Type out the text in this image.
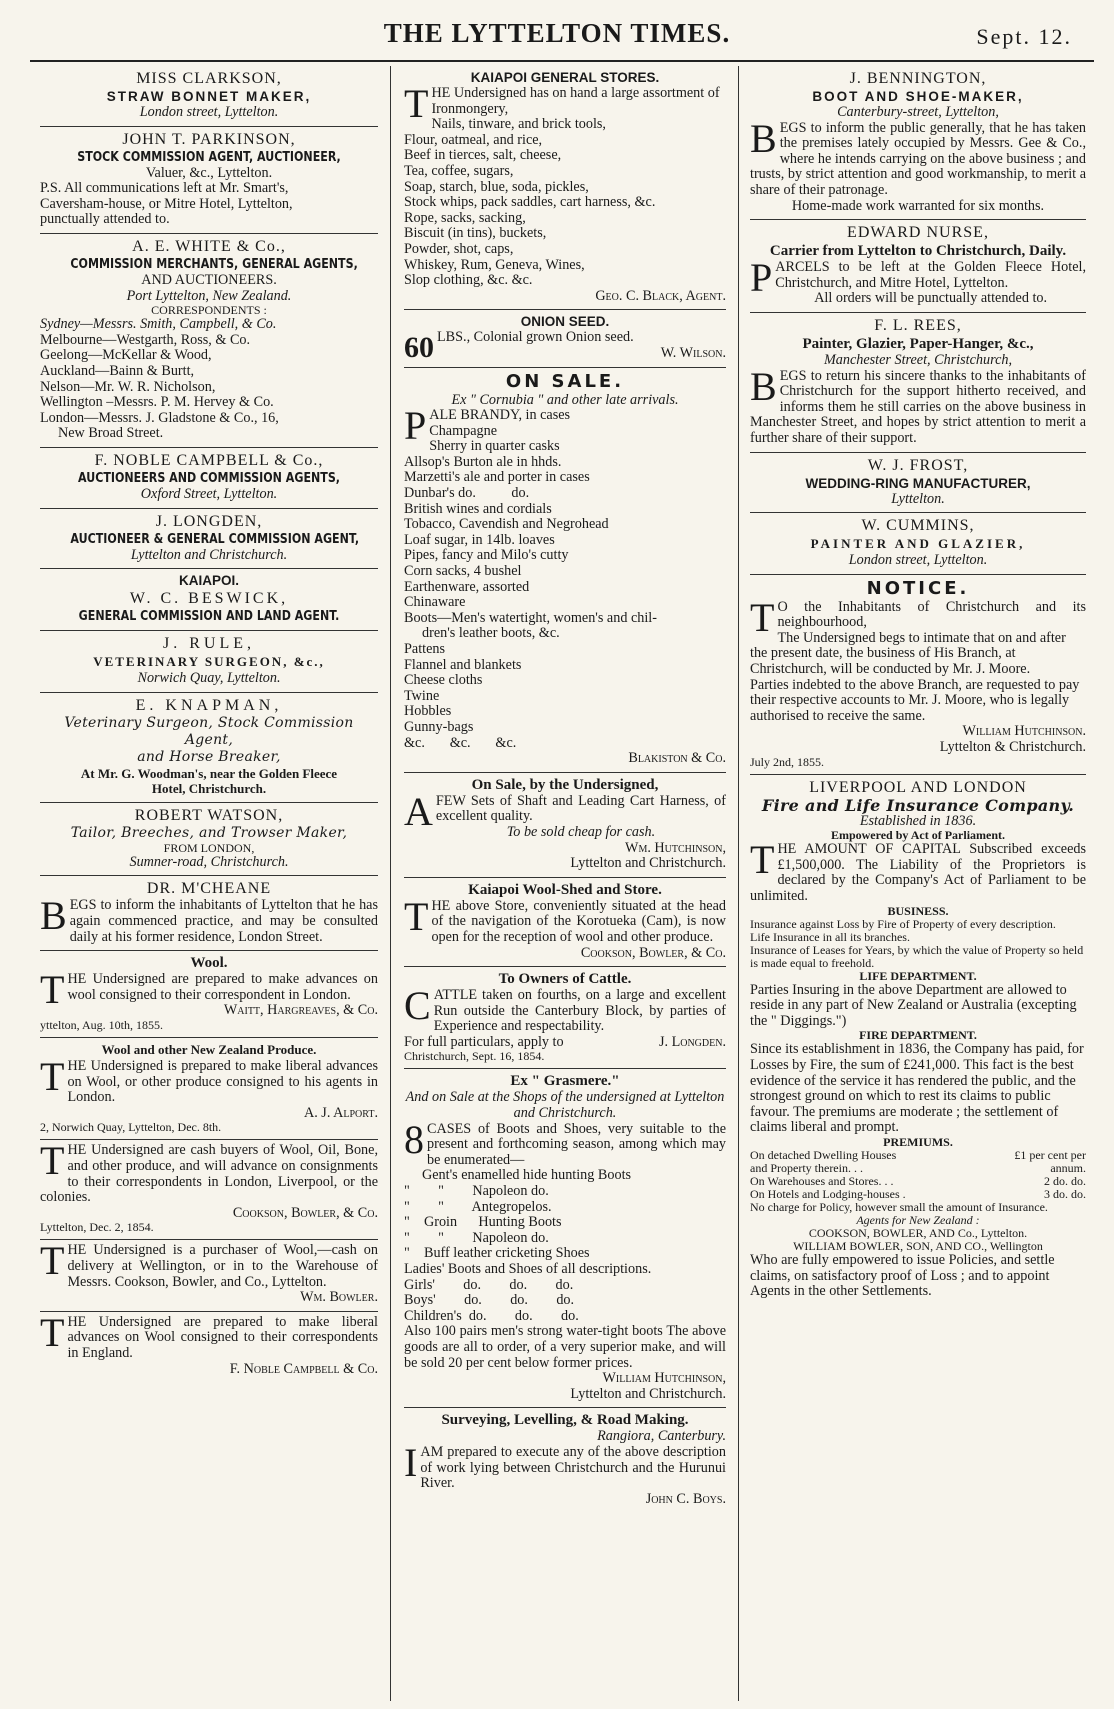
THE LYTTELTON TIMES.	Sept. 12.
MISS CLARKSON,
STRAW BONNET MAKER,

London street, Lyttelton.

JOHN T. PARKINSON,
STOCK COMMISSION AGENT, AUCTIONEER,

Valuer, &c., Lyttelton.
P.S. All communications left at Mr. Smart's,
Caversham-house, or Mitre Hotel, Lyttelton,
punctually attended to.

A. E. WHITE & Co.,
COMMISSION MERCHANTS, GENERAL AGENTS,

AND AUCTIONEERS.
Port Lyttelton, New Zealand.
CORRESPONDENTS :
Sydney—Messrs. Smith, Campbell, & Co.
Melbourne—Westgarth, Ross, & Co.
Geelong—McKellar & Wood,
Auckland—Bainn & Burtt,
Nelson—Mr. W. R. Nicholson,
Wellington –Messrs. P. M. Hervey & Co.
London—Messrs. J. Gladstone & Co., 16,
New Broad Street.

F. NOBLE CAMPBELL & Co.,
AUCTIONEERS AND COMMISSION AGENTS,

Oxford Street, Lyttelton.

J. LONGDEN,
AUCTIONEER & GENERAL COMMISSION AGENT,

Lyttelton and Christchurch.

KAIAPOI.
W. C. BESWICK,
GENERAL COMMISSION AND LAND AGENT.
J. RULE,
VETERINARY SURGEON, &c.,

Norwich Quay, Lyttelton.

E. KNAPMAN,
Veterinary Surgeon, Stock Commission Agent,
and Horse Breaker,

At Mr. G. Woodman's, near the Golden Fleece
Hotel, Christchurch.

ROBERT WATSON,
Tailor, Breeches, and Trowser Maker,

FROM LONDON,
Sumner-road, Christchurch.

DR. M'CHEANE

BEGS to inform the inhabitants of Lyttelton that he has again commenced practice, and may be consulted daily at his former residence, London Street.

Wool.

THE Undersigned are prepared to make advances on wool consigned to their correspondent in London.
Waitt, Hargreaves, & Co.
yttelton, Aug. 10th, 1855.

Wool and other New Zealand Produce.

THE Undersigned is prepared to make liberal advances on Wool, or other produce consigned to his agents in London.
A. J. Alport.
2, Norwich Quay, Lyttelton, Dec. 8th.

THE Undersigned are cash buyers of Wool, Oil, Bone, and other produce, and will advance on consignments to their correspondents in London, Liverpool, or the colonies.
Cookson, Bowler, & Co.
Lyttelton, Dec. 2, 1854.

THE Undersigned is a purchaser of Wool,—cash on delivery at Wellington, or in to the Warehouse of Messrs. Cookson, Bowler, and Co., Lyttelton.
Wm. Bowler.

THE Undersigned are prepared to make liberal advances on Wool consigned to their correspondents in England.
F. Noble Campbell & Co.

KAIAPOI GENERAL STORES.

THE Undersigned has on hand a large assortment of
Ironmongery,
Nails, tinware, and brick tools,
Flour, oatmeal, and rice,
Beef in tierces, salt, cheese,
Tea, coffee, sugars,
Soap, starch, blue, soda, pickles,
Stock whips, pack saddles, cart harness, &c.
Rope, sacks, sacking,
Biscuit (in tins), buckets,
Powder, shot, caps,
Whiskey, Rum, Geneva, Wines,
Slop clothing, &c. &c.
Geo. C. Black, Agent.

ONION SEED.

60 LBS., Colonial grown Onion seed.
W. Wilson.

ON SALE.

Ex " Cornubia " and other late arrivals.
P ALE BRANDY, in cases
Champagne
Sherry in quarter casks
Allsop's Burton ale in hhds.
Marzetti's ale and porter in cases
Dunbar's do.          do.
British wines and cordials
Tobacco, Cavendish and Negrohead
Loaf sugar, in 14lb. loaves
Pipes, fancy and Milo's cutty
Corn sacks, 4 bushel
Earthenware, assorted
Chinaware
Boots—Men's watertight, women's and chil-
dren's leather boots, &c.
Pattens
Flannel and blankets
Cheese cloths
Twine
Hobbles
Gunny-bags
&c.       &c.       &c.
Blakiston & Co.

On Sale, by the Undersigned,

AFEW Sets of Shaft and Leading Cart Harness, of excellent quality.
To be sold cheap for cash.
Wm. Hutchinson,
Lyttelton and Christchurch.

Kaiapoi Wool-Shed and Store.

THE above Store, conveniently situated at the head of the navigation of the Korotueka (Cam), is now open for the reception of wool and other produce.
Cookson, Bowler, & Co.

To Owners of Cattle.

CATTLE taken on fourths, on a large and excellent Run outside the Canterbury Block, by parties of Experience and respectability.
For full particulars, apply to	J. Longden.
Christchurch, Sept. 16, 1854.

Ex " Grasmere."

And on Sale at the Shops of the undersigned at Lyttelton and Christchurch.
8 CASES of Boots and Shoes, very suitable to the present and forthcoming season, among which may be enumerated—
Gent's enamelled hide hunting Boots
"        "        Napoleon do.
"        "        Antegropelos.
"    Groin      Hunting Boots
"        "        Napoleon do.
"    Buff leather cricketing Shoes
Ladies' Boots and Shoes of all descriptions.
Girls'        do.        do.        do.
Boys'        do.        do.        do.
Children's  do.        do.        do.
Also 100 pairs men's strong water-tight boots The above goods are all to order, of a very superior make, and will be sold 20 per cent below former prices.
William Hutchinson,
Lyttelton and Christchurch.

Surveying, Levelling, & Road Making.

Rangiora, Canterbury.
I AM prepared to execute any of the above description of work lying between Christchurch and the Hurunui River.
John C. Boys.

J. BENNINGTON,
BOOT AND SHOE-MAKER,

Canterbury-street, Lyttelton,
B EGS to inform the public generally, that he has taken the premises lately occupied by Messrs. Gee & Co., where he intends carrying on the above business ; and trusts, by strict attention and good workmanship, to merit a share of their patronage.
Home-made work warranted for six months.

EDWARD NURSE,
Carrier from Lyttelton to Christchurch, Daily.

PARCELS to be left at the Golden Fleece Hotel, Christchurch, and Mitre Hotel, Lyttelton.
All orders will be punctually attended to.

F. L. REES,
Painter, Glazier, Paper-Hanger, &c.,

Manchester Street, Christchurch,
B EGS to return his sincere thanks to the inhabitants of Christchurch for the support hitherto received, and informs them he still carries on the above business in Manchester Street, and hopes by strict attention to merit a further share of their support.

W. J. FROST,
WEDDING-RING MANUFACTURER,

Lyttelton.

W. CUMMINS,
PAINTER AND GLAZIER,

London street, Lyttelton.

NOTICE.

T O the Inhabitants of Christchurch and its neighbourhood,
The Undersigned begs to intimate that on and after the present date, the business of His Branch, at Christchurch, will be conducted by Mr. J. Moore.
Parties indebted to the above Branch, are requested to pay their respective accounts to Mr. J. Moore, who is legally authorised to receive the same.
William Hutchinson.
Lyttelton & Christchurch.
July 2nd, 1855.

LIVERPOOL AND LONDON
Fire and Life Insurance Company.

Established in 1836.
Empowered by Act of Parliament.
T HE AMOUNT OF CAPITAL Subscribed exceeds £1,500,000. The Liability of the Proprietors is declared by the Company's Act of Parliament to be unlimited.
BUSINESS.
Insurance against Loss by Fire of Property of every description.
Life Insurance in all its branches.
Insurance of Leases for Years, by which the value of Property so held is made equal to freehold.
LIFE DEPARTMENT.
Parties Insuring in the above Department are allowed to reside in any part of New Zealand or Australia (excepting the " Diggings.")
FIRE DEPARTMENT.
Since its establishment in 1836, the Company has paid, for Losses by Fire, the sum of £241,000. This fact is the best evidence of the service it has rendered the public, and the strongest ground on which to rest its claims to public favour. The premiums are moderate ; the settlement of claims liberal and prompt.
PREMIUMS.
On detached Dwelling Houses	£1 per cent per
and Property therein. . .	annum.
On Warehouses and Stores. . .	2 do. do.
On Hotels and Lodging-houses .	3 do. do.
No charge for Policy, however small the amount of Insurance.
Agents for New Zealand :
COOKSON, BOWLER, AND Co., Lyttelton.
WILLIAM BOWLER, SON, AND CO., Wellington
Who are fully empowered to issue Policies, and settle claims, on satisfactory proof of Loss ; and to appoint Agents in the other Settlements.
